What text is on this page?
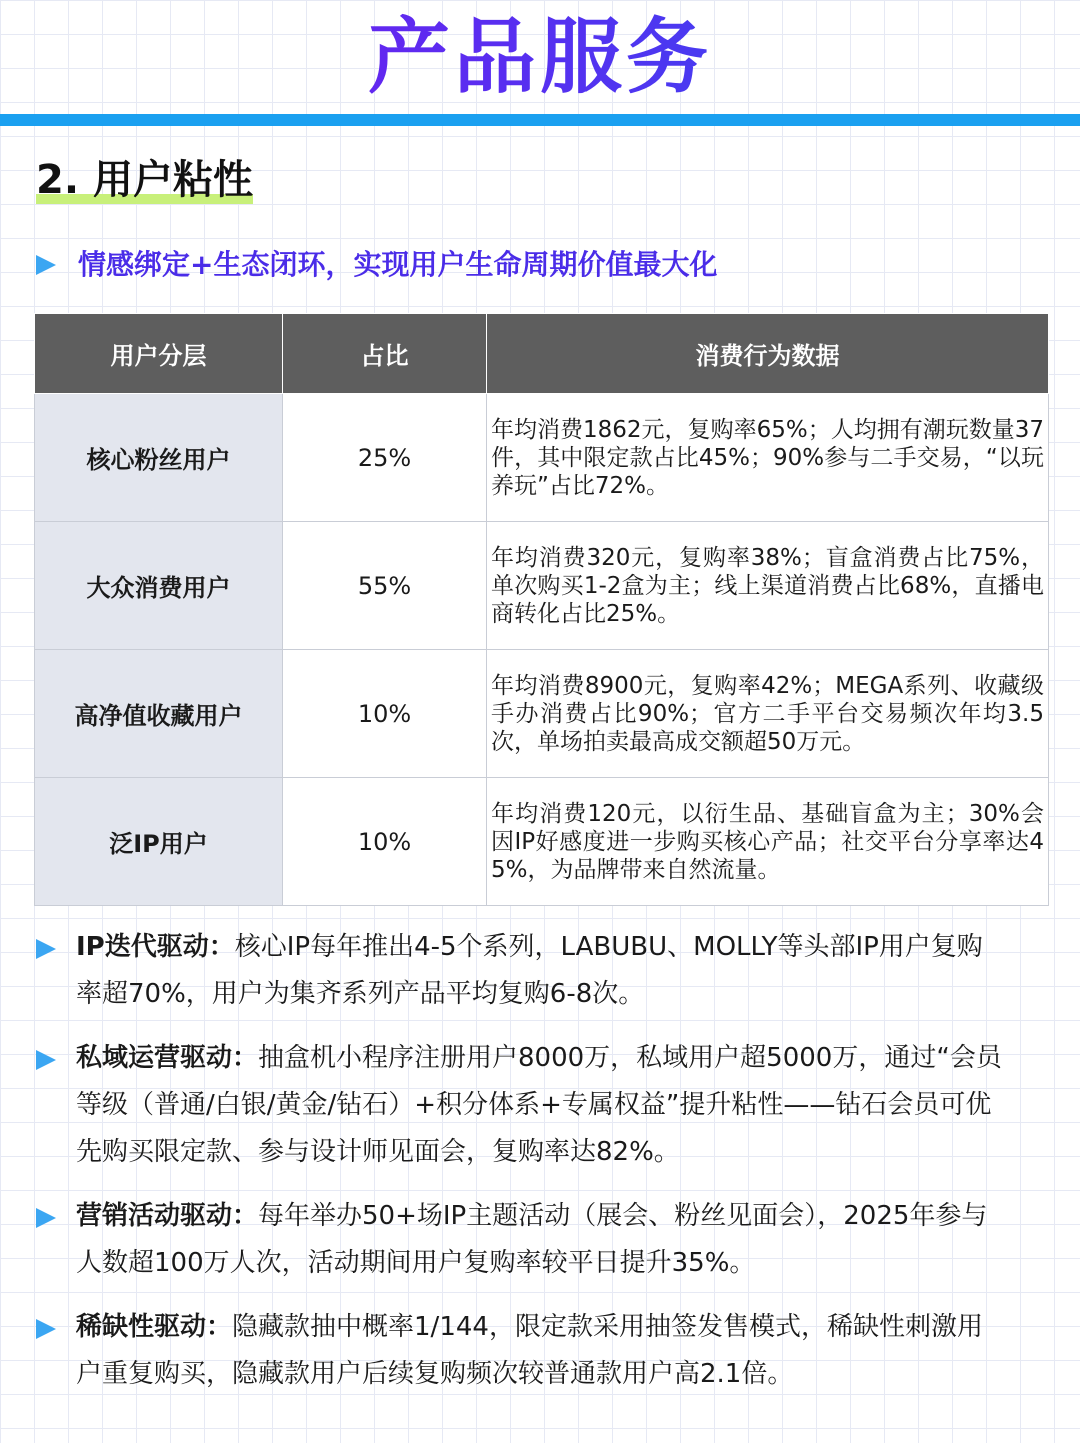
产品服务
2. 用户粘性
情感绑定+生态闭环，实现用户生命周期价值最大化
用户分层	占比	消费行为数据
核心粉丝用户	25%	年均消费1862元，复购率65%；人均拥有潮玩数量37件，其中限定款占比45%；90%参与二手交易，“以玩养玩”占比72%。
大众消费用户	55%	年均消费320元，复购率38%；盲盒消费占比75%，单次购买1-2盒为主；线上渠道消费占比68%，直播电商转化占比25%。
高净值收藏用户	10%	年均消费8900元，复购率42%；MEGA系列、收藏级手办消费占比90%；官方二手平台交易频次年均3.5次，单场拍卖最高成交额超50万元。
泛IP用户	10%	年均消费120元，以衍生品、基础盲盒为主；30%会因IP好感度进一步购买核心产品；社交平台分享率达45%，为品牌带来自然流量。

IP迭代驱动：核心IP每年推出4-5个系列，LABUBU、MOLLY等头部IP用户复购率超70%，用户为集齐系列产品平均复购6-8次。

私域运营驱动：抽盒机小程序注册用户8000万，私域用户超5000万，通过“会员等级（普通/白银/黄金/钻石）+积分体系+专属权益”提升粘性——钻石会员可优先购买限定款、参与设计师见面会，复购率达82%。

营销活动驱动：每年举办50+场IP主题活动（展会、粉丝见面会），2025年参与人数超100万人次，活动期间用户复购率较平日提升35%。

稀缺性驱动：隐藏款抽中概率1/144，限定款采用抽签发售模式，稀缺性刺激用户重复购买，隐藏款用户后续复购频次较普通款用户高2.1倍。
